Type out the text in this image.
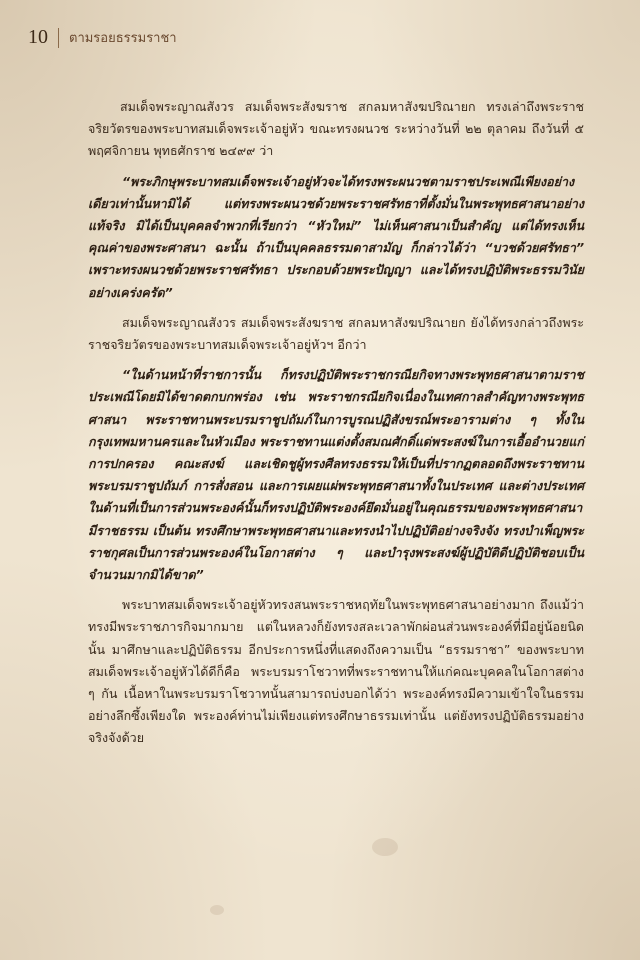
10 ตามรอยธรรมราชา

สมเด็จพระญาณสังวร สมเด็จพระสังฆราช สกลมหาสังฆปริณายก ทรงเล่าถึงพระราชจริยวัตรของพระบาทสมเด็จพระเจ้าอยู่หัว ขณะทรงผนวช ระหว่างวันที่ ๒๒ ตุลาคม ถึงวันที่ ๕ พฤศจิกายน พุทธศักราช ๒๔๙๙ ว่า

“พระภิกษุพระบาทสมเด็จพระเจ้าอยู่หัวจะได้ทรงพระผนวชตามราชประเพณีเพียงอย่างเดียวเท่านั้นหามิได้ แต่ทรงพระผนวชด้วยพระราชศรัทธาที่ตั้งมั่นในพระพุทธศาสนาอย่างแท้จริง มิได้เป็นบุคคลจำพวกที่เรียกว่า “หัวใหม่” ไม่เห็นศาสนาเป็นสำคัญ แต่ได้ทรงเห็นคุณค่าของพระศาสนา ฉะนั้น ถ้าเป็นบุคคลธรรมดาสามัญ ก็กล่าวได้ว่า “บวชด้วยศรัทธา” เพราะทรงผนวชด้วยพระราชศรัทธา ประกอบด้วยพระปัญญา และได้ทรงปฏิบัติพระธรรมวินัยอย่างเคร่งครัด”

สมเด็จพระญาณสังวร สมเด็จพระสังฆราช สกลมหาสังฆปริณายก ยังได้ทรงกล่าวถึงพระราชจริยวัตรของพระบาทสมเด็จพระเจ้าอยู่หัวฯ อีกว่า

“ในด้านหน้าที่ราชการนั้น ก็ทรงปฏิบัติพระราชกรณียกิจทางพระพุทธศาสนาตามราชประเพณีโดยมิได้ขาดตกบกพร่อง เช่น พระราชกรณียกิจเนื่องในเทศกาลสำคัญทางพระพุทธศาสนา พระราชทานพระบรมราชูปถัมภ์ในการบูรณปฏิสังขรณ์พระอารามต่าง ๆ ทั้งในกรุงเทพมหานครและในหัวเมือง พระราชทานแต่งตั้งสมณศักดิ์แด่พระสงฆ์ในการเอื้ออำนวยแก่การปกครอง คณะสงฆ์ และเชิดชูผู้ทรงศีลทรงธรรมให้เป็นที่ปรากฏตลอดถึงพระราชทานพระบรมราชูปถัมภ์ การสั่งสอน และการเผยแผ่พระพุทธศาสนาทั้งในประเทศ และต่างประเทศ ในด้านที่เป็นการส่วนพระองค์นั้นก็ทรงปฏิบัติพระองค์ยึดมั่นอยู่ในคุณธรรมของพระพุทธศาสนา มีราชธรรม เป็นต้น ทรงศึกษาพระพุทธศาสนาและทรงนำไปปฏิบัติอย่างจริงจัง ทรงบำเพ็ญพระราชกุศลเป็นการส่วนพระองค์ในโอกาสต่าง ๆ และบำรุงพระสงฆ์ผู้ปฏิบัติดีปฏิบัติชอบเป็นจำนวนมากมิได้ขาด”

พระบาทสมเด็จพระเจ้าอยู่หัวทรงสนพระราชหฤทัยในพระพุทธศาสนาอย่างมาก ถึงแม้ว่าทรงมีพระราชภารกิจมากมาย แต่ในหลวงก็ยังทรงสละเวลาพักผ่อนส่วนพระองค์ที่มีอยู่น้อยนิดนั้น มาศึกษาและปฏิบัติธรรม อีกประการหนึ่งที่แสดงถึงความเป็น “ธรรมราชา” ของพระบาทสมเด็จพระเจ้าอยู่หัวได้ดีก็คือ พระบรมราโชวาทที่พระราชทานให้แก่คณะบุคคลในโอกาสต่าง ๆ กัน เนื้อหาในพระบรมราโชวาทนั้นสามารถบ่งบอกได้ว่า พระองค์ทรงมีความเข้าใจในธรรมอย่างลึกซึ้งเพียงใด พระองค์ท่านไม่เพียงแต่ทรงศึกษาธรรมเท่านั้น แต่ยังทรงปฏิบัติธรรมอย่างจริงจังด้วย
